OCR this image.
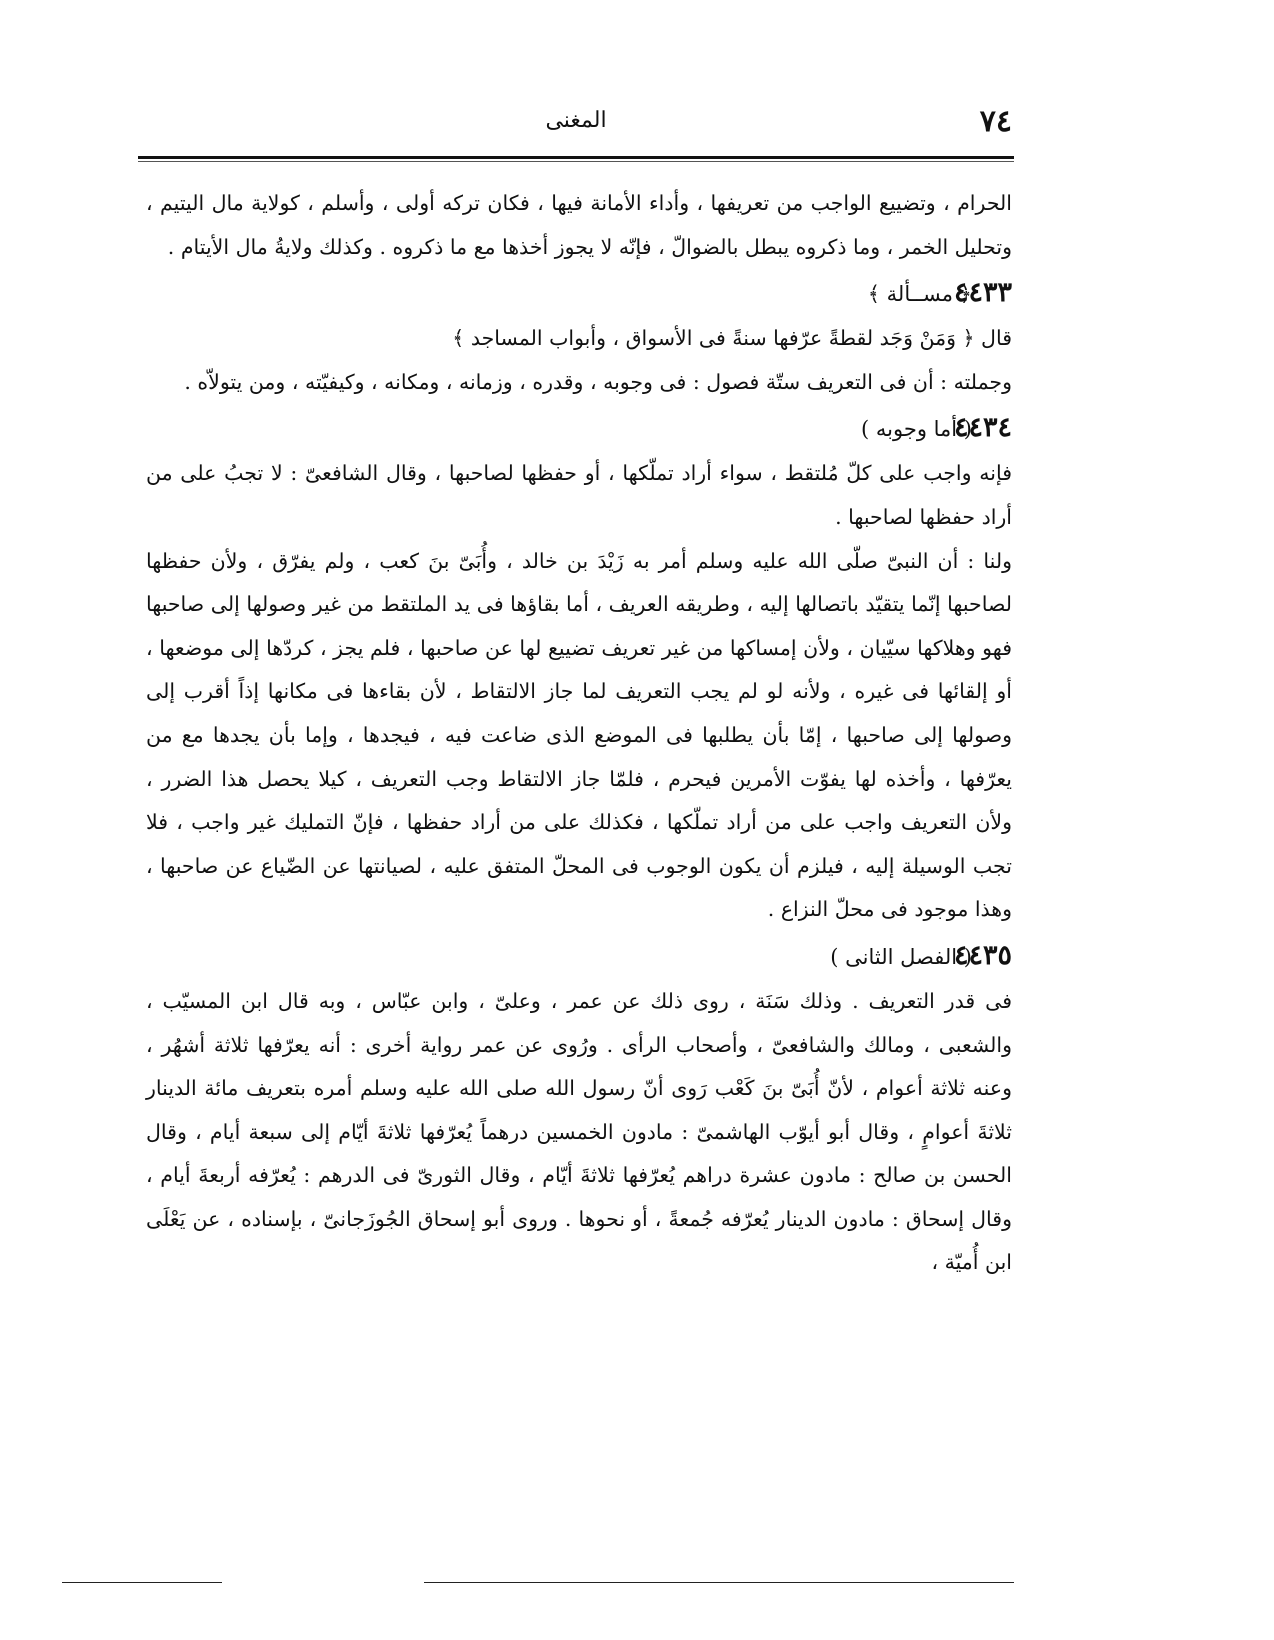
٧٤
المغنى

الحرام ، وتضييع الواجب من تعريفها ، وأداء الأمانة فيها ، فكان تركه أولى ، وأسلم ، كولاية مال اليتيم ، وتحليل الخمر ، وما ذكروه يبطل بالضوالّ ، فإنّه لا يجوز أخذها مع ما ذكروه . وكذلك ولايةُ مال الأيتام .

٤٤٣٣
﴿ مســألة ﴾

قال ﴿ وَمَنْ وَجَد لقطةً عرّفها سنةً فى الأسواق ، وأبواب المساجد ﴾

وجملته : أن فى التعريف ستّة فصول : فى وجوبه ، وقدره ، وزمانه ، ومكانه ، وكيفيّته ، ومن يتولاّه .

٤٤٣٤
( أما وجوبه )

فإنه واجب على كلّ مُلتقط ، سواء أراد تملّكها ، أو حفظها لصاحبها ، وقال الشافعىّ : لا تجبُ على من أراد حفظها لصاحبها .

ولنا : أن النبىّ صلّى الله عليه وسلم أمر به زَيْدَ بن خالد ، وأُبَىّ بنَ كعب ، ولم يفرّق ، ولأن حفظها لصاحبها إنّما يتقيّد باتصالها إليه ، وطريقه العريف ، أما بقاؤها فى يد الملتقط من غير وصولها إلى صاحبها فهو وهلاكها سيّيان ، ولأن إمساكها من غير تعريف تضييع لها عن صاحبها ، فلم يجز ، كردّها إلى موضعها ، أو إلقائها فى غيره ، ولأنه لو لم يجب التعريف لما جاز الالتقاط ، لأن بقاءها فى مكانها إذاً أقرب إلى وصولها إلى صاحبها ، إمّا بأن يطلبها فى الموضع الذى ضاعت فيه ، فيجدها ، وإما بأن يجدها مع من يعرّفها ، وأخذه لها يفوّت الأمرين فيحرم ، فلمّا جاز الالتقاط وجب التعريف ، كيلا يحصل هذا الضرر ، ولأن التعريف واجب على من أراد تملّكها ، فكذلك على من أراد حفظها ، فإنّ التمليك غير واجب ، فلا تجب الوسيلة إليه ، فيلزم أن يكون الوجوب فى المحلّ المتفق عليه ، لصيانتها عن الضّياع عن صاحبها ، وهذا موجود فى محلّ النزاع .

٤٤٣٥
( الفصل الثانى )

فى قدر التعريف . وذلك سَنَة ، روى ذلك عن عمر ، وعلىّ ، وابن عبّاس ، وبه قال ابن المسيّب ، والشعبى ، ومالك والشافعىّ ، وأصحاب الرأى . ورُوى عن عمر رواية أخرى : أنه يعرّفها ثلاثة أشهُر ، وعنه ثلاثة أعوام ، لأنّ أُبَىّ بنَ كَعْب رَوى أنّ رسول الله صلى الله عليه وسلم أمره بتعريف مائة الدينار ثلاثةَ أعوامٍ ، وقال أبو أيوّب الهاشمىّ : مادون الخمسين درهماً يُعرّفها ثلاثةَ أيّام إلى سبعة أيام ، وقال الحسن بن صالح : مادون عشرة دراهم يُعرّفها ثلاثةَ أيّام ، وقال الثورىّ فى الدرهم : يُعرّفه أربعةَ أيام ، وقال إسحاق : مادون الدينار يُعرّفه جُمعةً ، أو نحوها . وروى أبو إسحاق الجُوزَجانىّ ، بإسناده ، عن يَعْلَى ابن أُميّة ،
